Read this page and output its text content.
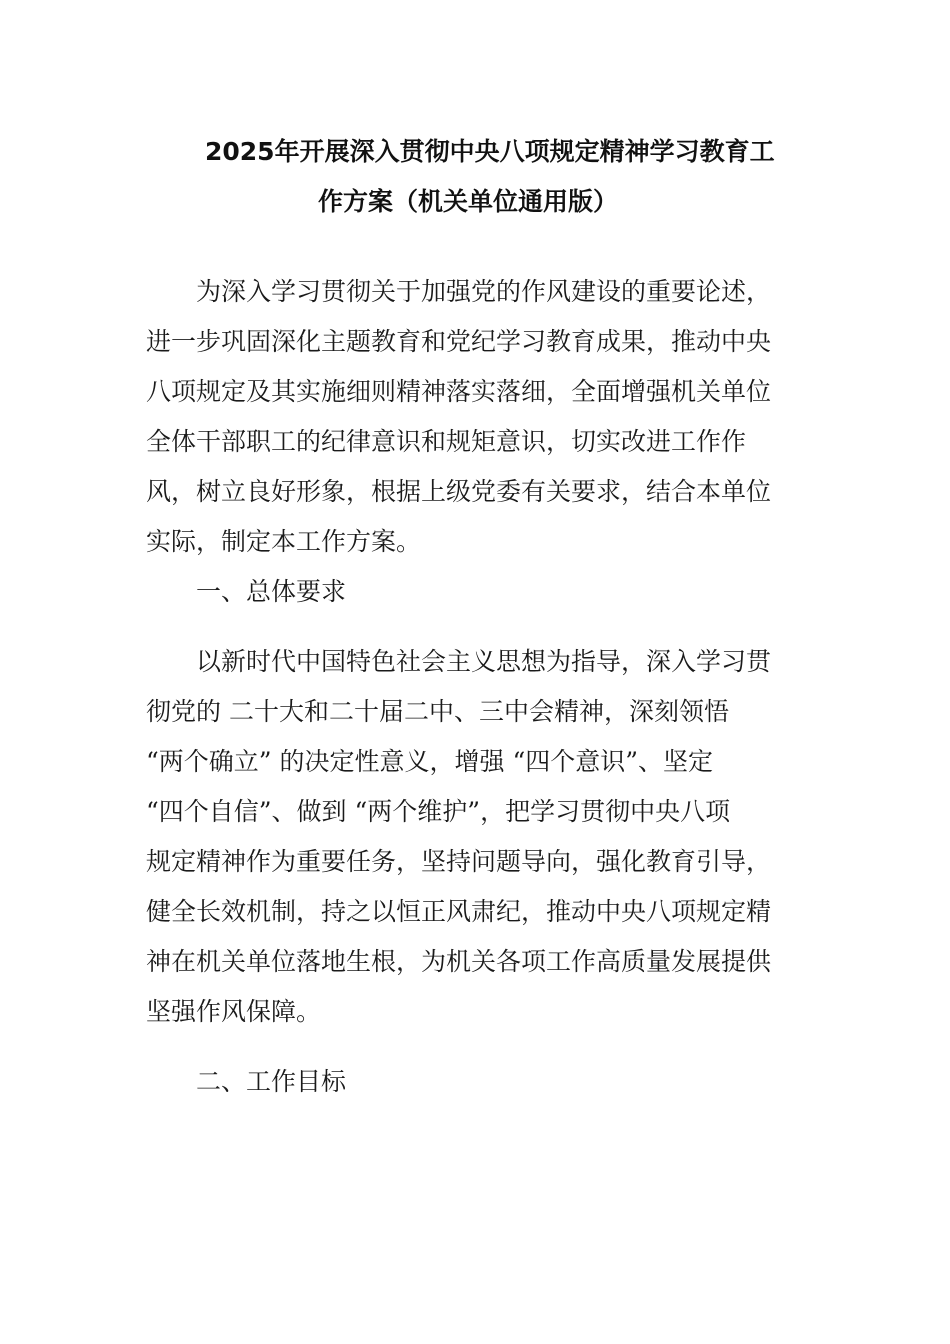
2025年开展深入贯彻中央八项规定精神学习教育工
作方案（机关单位通用版）
为深入学习贯彻关于加强党的作风建设的重要论述，
进一步巩固深化主题教育和党纪学习教育成果，推动中央
八项规定及其实施细则精神落实落细，全面增强机关单位
全体干部职工的纪律意识和规矩意识，切实改进工作作
风，树立良好形象，根据上级党委有关要求，结合本单位
实际，制定本工作方案。
一、总体要求
以新时代中国特色社会主义思想为指导，深入学习贯
彻党的 二十大和二十届二中、三中会精神，深刻领悟
“两个确立” 的决定性意义，增强 “四个意识”、坚定
“四个自信”、做到 “两个维护”，把学习贯彻中央八项
规定精神作为重要任务，坚持问题导向，强化教育引导，
健全长效机制，持之以恒正风肃纪，推动中央八项规定精
神在机关单位落地生根，为机关各项工作高质量发展提供
坚强作风保障。
二、工作目标
